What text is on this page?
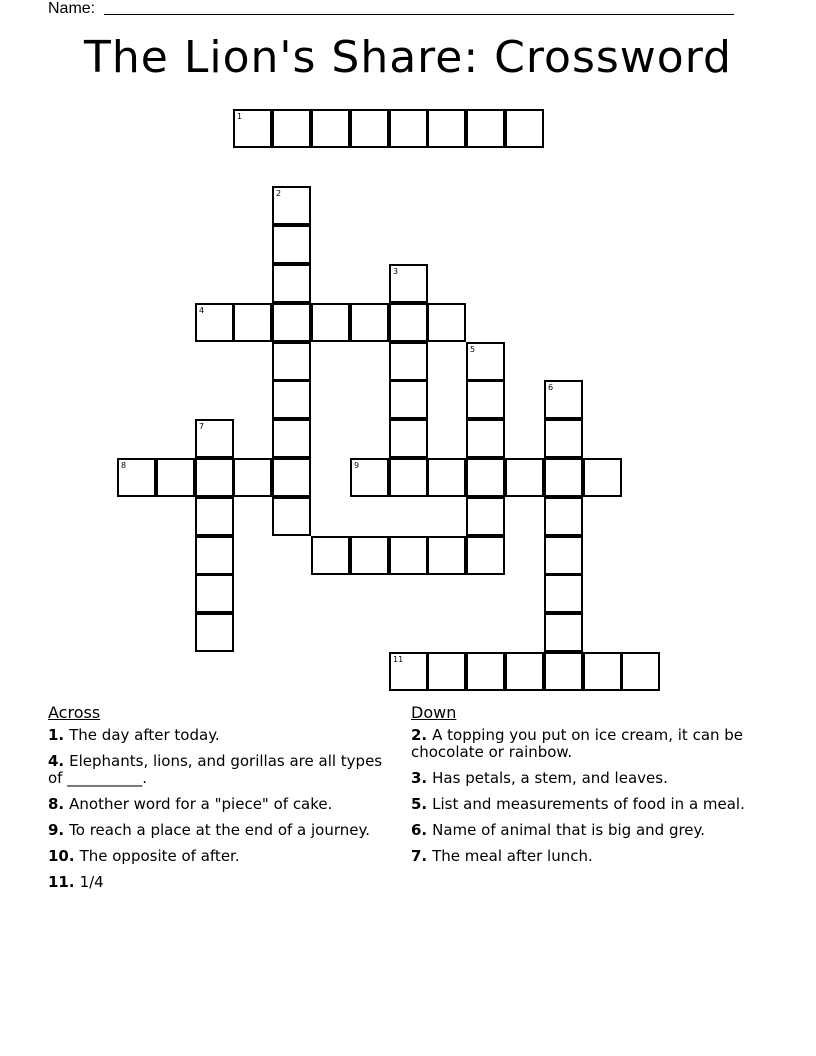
Name:
The Lion's Share: Crossword
1
2
3
4
5
6
7
8	9
11
Across
1. The day after today.
4. Elephants, lions, and gorillas are all types of __________.
8. Another word for a "piece" of cake.
9. To reach a place at the end of a journey.
10. The opposite of after.
11. 1/4
Down
2. A topping you put on ice cream, it can be chocolate or rainbow.
3. Has petals, a stem, and leaves.
5. List and measurements of food in a meal.
6. Name of animal that is big and grey.
7. The meal after lunch.
